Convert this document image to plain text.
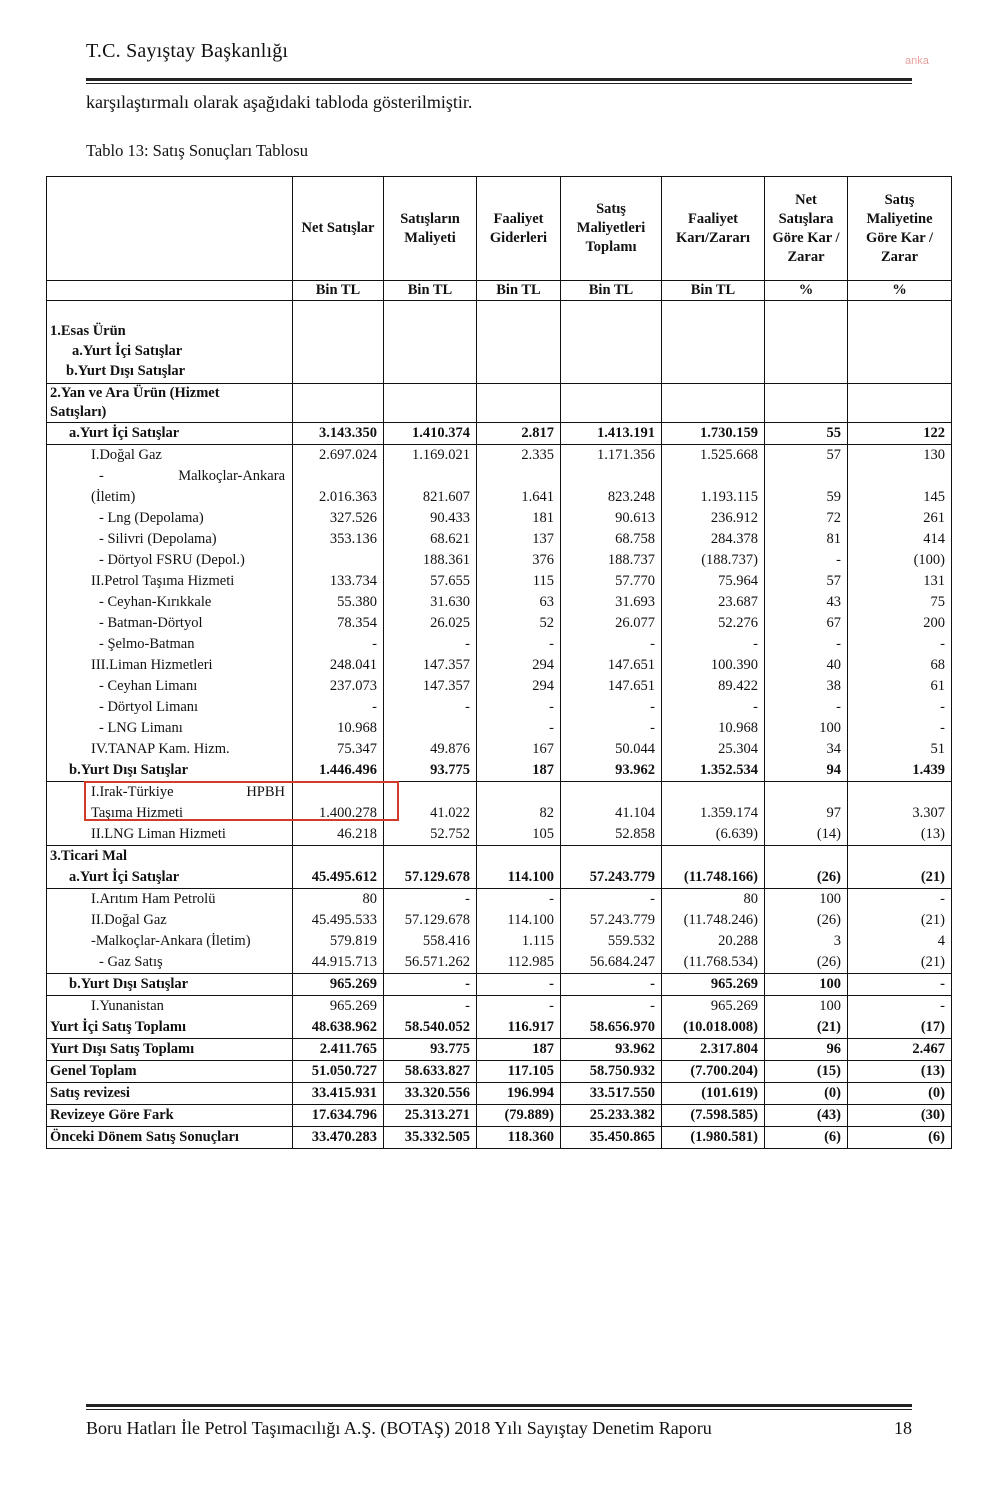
T.C. Sayıştay Başkanlığı	anka
karşılaştırmalı olarak aşağıdaki tabloda gösterilmiştir.
Tablo 13: Satış Sonuçları Tablosu
	Net Satışlar	Satışların Maliyeti	Faaliyet Giderleri	Satış Maliyetleri Toplamı	Faaliyet Karı/Zararı	Net Satışlara Göre Kar / Zarar	Satış Maliyetine Göre Kar / Zarar
	Bin TL	Bin TL	Bin TL	Bin TL	Bin TL	%	%

1.Esas Ürün
a.Yurt İçi Satışlar
b.Yurt Dışı Satışlar							

2.Yan ve Ara Ürün (Hizmet
Satışları)							

a.Yurt İçi Satışlar	3.143.350	1.410.374	2.817	1.413.191	1.730.159	55	122
I.Doğal Gaz	2.697.024	1.169.021	2.335	1.171.356	1.525.668	57	130

- Malkoçlar-Ankara
(İletim)	2.016.363	821.607	1.641	823.248	1.193.115	59	145
- Lng (Depolama)	327.526	90.433	181	90.613	236.912	72	261
- Silivri (Depolama)	353.136	68.621	137	68.758	284.378	81	414
- Dörtyol FSRU (Depol.)		188.361	376	188.737	(188.737)	-	(100)
II.Petrol Taşıma Hizmeti	133.734	57.655	115	57.770	75.964	57	131
- Ceyhan-Kırıkkale	55.380	31.630	63	31.693	23.687	43	75
- Batman-Dörtyol	78.354	26.025	52	26.077	52.276	67	200
- Şelmo-Batman	-	-	-	-	-	-	-
III.Liman Hizmetleri	248.041	147.357	294	147.651	100.390	40	68
- Ceyhan Limanı	237.073	147.357	294	147.651	89.422	38	61
- Dörtyol Limanı	-	-	-	-	-	-	-
- LNG Limanı	10.968		-	-	10.968	100	-
IV.TANAP Kam. Hizm.	75.347	49.876	167	50.044	25.304	34	51
b.Yurt Dışı Satışlar	1.446.496	93.775	187	93.962	1.352.534	94	1.439

I.Irak-Türkiye HPBH
Taşıma Hizmeti	1.400.278	41.022	82	41.104	1.359.174	97	3.307
II.LNG Liman Hizmeti	46.218	52.752	105	52.858	(6.639)	(14)	(13)
3.Ticari Mal							
a.Yurt İçi Satışlar	45.495.612	57.129.678	114.100	57.243.779	(11.748.166)	(26)	(21)
I.Arıtım Ham Petrolü	80	-	-	-	80	100	-
II.Doğal Gaz	45.495.533	57.129.678	114.100	57.243.779	(11.748.246)	(26)	(21)
-Malkoçlar-Ankara (İletim)	579.819	558.416	1.115	559.532	20.288	3	4
- Gaz Satış	44.915.713	56.571.262	112.985	56.684.247	(11.768.534)	(26)	(21)
b.Yurt Dışı Satışlar	965.269	-	-	-	965.269	100	-
I.Yunanistan	965.269	-	-	-	965.269	100	-
Yurt İçi Satış Toplamı	48.638.962	58.540.052	116.917	58.656.970	(10.018.008)	(21)	(17)
Yurt Dışı Satış Toplamı	2.411.765	93.775	187	93.962	2.317.804	96	2.467
Genel Toplam	51.050.727	58.633.827	117.105	58.750.932	(7.700.204)	(15)	(13)
Satış revizesi	33.415.931	33.320.556	196.994	33.517.550	(101.619)	(0)	(0)
Revizeye Göre Fark	17.634.796	25.313.271	(79.889)	25.233.382	(7.598.585)	(43)	(30)
Önceki Dönem Satış Sonuçları	33.470.283	35.332.505	118.360	35.450.865	(1.980.581)	(6)	(6)
Boru Hatları İle Petrol Taşımacılığı A.Ş. (BOTAŞ) 2018 Yılı Sayıştay Denetim Raporu	18
